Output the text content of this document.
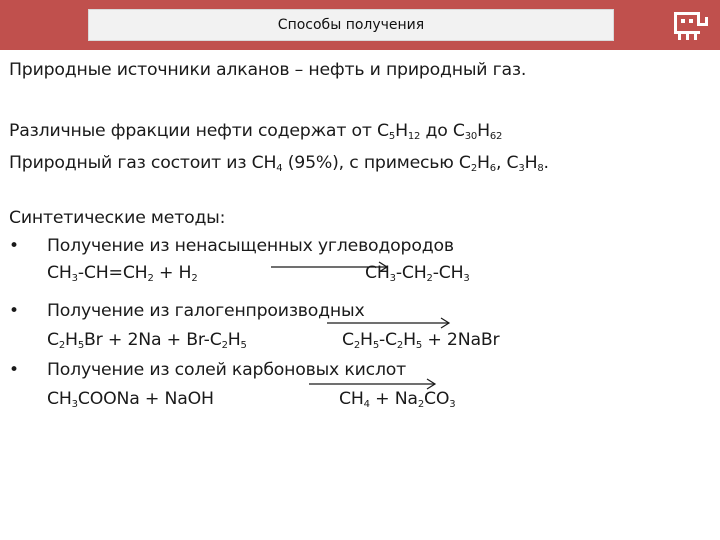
Способы получения
Природные источники алканов – нефть и природный газ.
Различные фракции нефти содержат от $C_5H_{12}$ до $C_{30}H_{62}$
Природный газ состоит из $CH_4$ (95%), с примесью $C_2H_6$, $C_3H_8$.
Синтетические методы:
• Получение из ненасыщенных углеводородов
$CH_3-CH=CH_2 + H_2$	$CH_3-CH_2-CH_3$
• Получение из галогенпроизводных
$C_2H_5Br + 2Na + Br-C_2H_5$	$C_2H_5-C_2H_5$ + 2NaBr
• Получение из солей карбоновых кислот
$CH_3COONa$ + NaOH	$CH_4 + Na_2CO_3$
